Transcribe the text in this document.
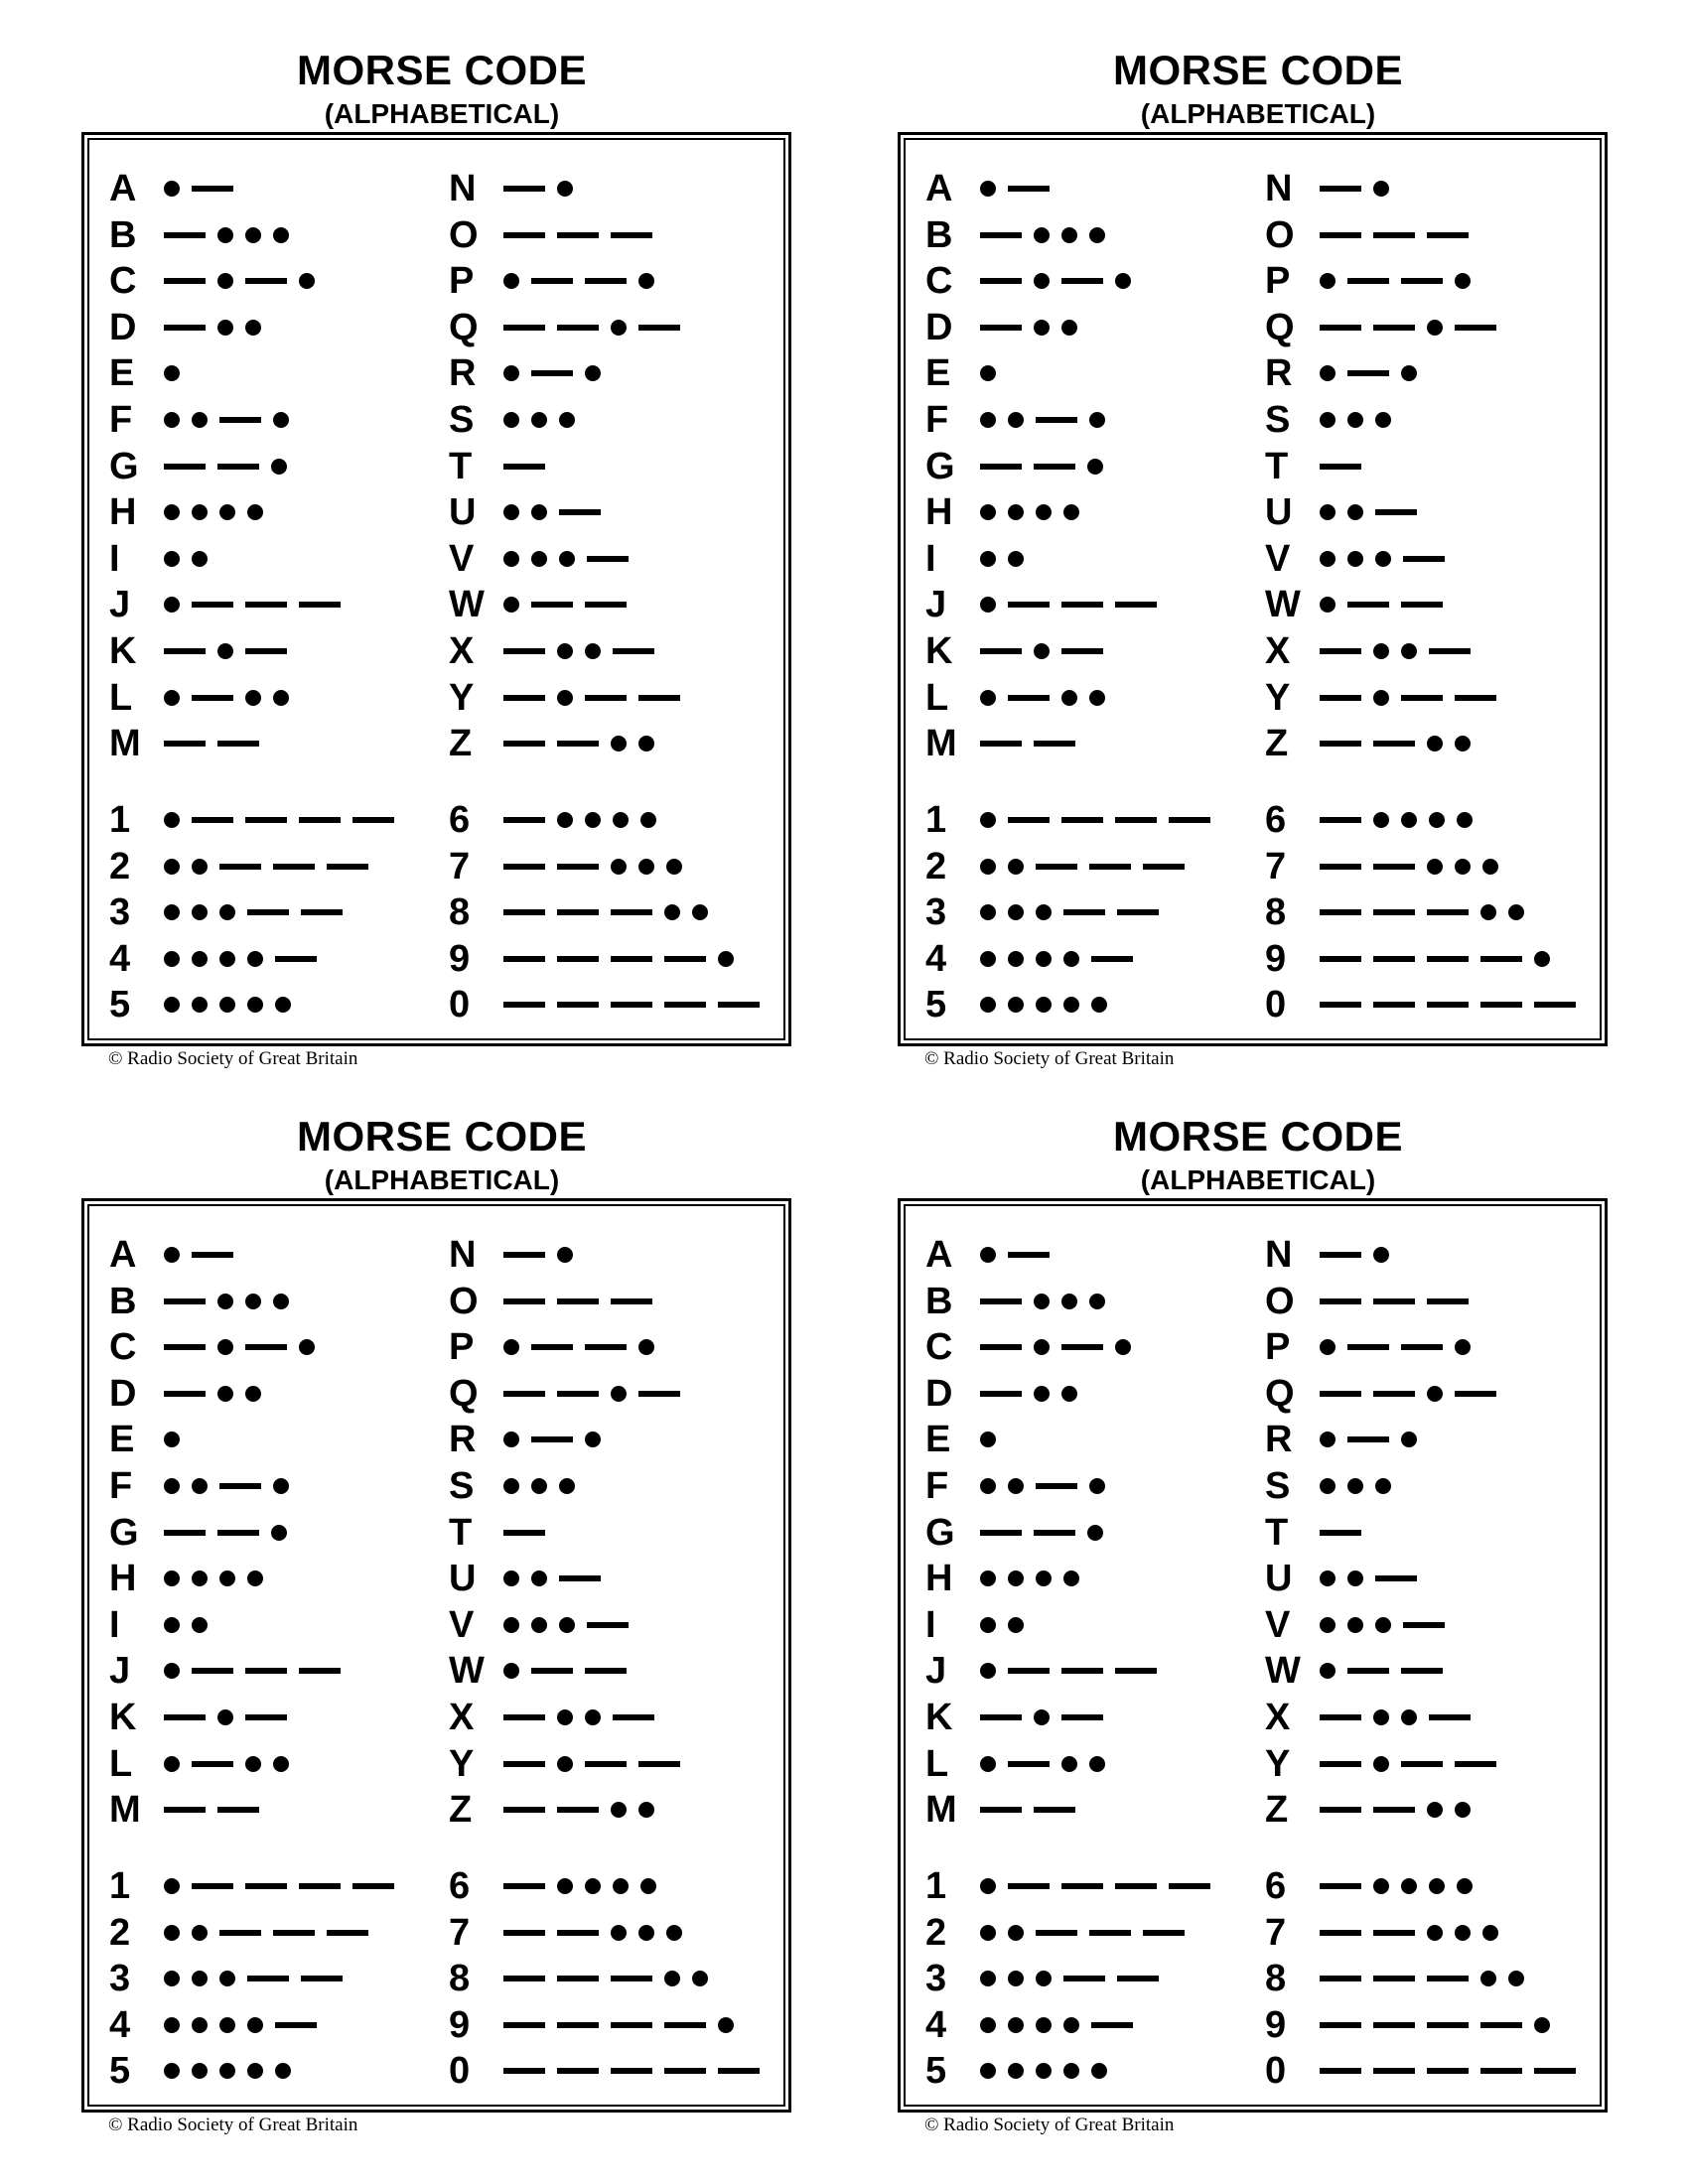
MORSE CODE
(ALPHABETICAL)
© Radio Society of Great Britain
A
B
C
D
E
F
G
H
I
J
K
L
M
N
O
P
Q
R
S
T
U
V
W
X
Y
Z
1
2
3
4
5
6
7
8
9
0
MORSE CODE
(ALPHABETICAL)
© Radio Society of Great Britain
A
B
C
D
E
F
G
H
I
J
K
L
M
N
O
P
Q
R
S
T
U
V
W
X
Y
Z
1
2
3
4
5
6
7
8
9
0
MORSE CODE
(ALPHABETICAL)
© Radio Society of Great Britain
A
B
C
D
E
F
G
H
I
J
K
L
M
N
O
P
Q
R
S
T
U
V
W
X
Y
Z
1
2
3
4
5
6
7
8
9
0
MORSE CODE
(ALPHABETICAL)
© Radio Society of Great Britain
A
B
C
D
E
F
G
H
I
J
K
L
M
N
O
P
Q
R
S
T
U
V
W
X
Y
Z
1
2
3
4
5
6
7
8
9
0
